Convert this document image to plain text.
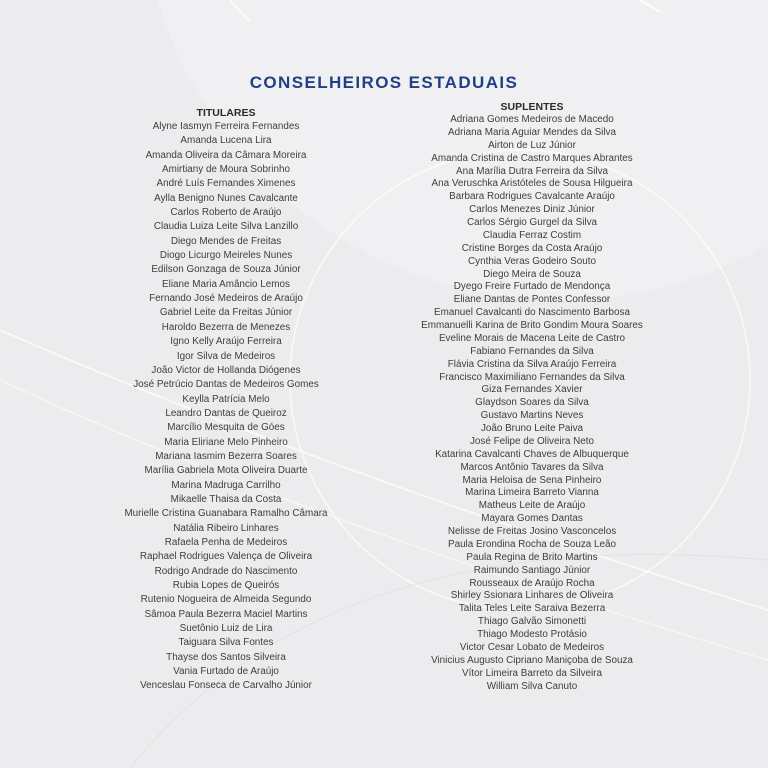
CONSELHEIROS ESTADUAIS
TITULARES
Alyne Iasmyn Ferreira Fernandes
Amanda Lucena Lira
Amanda Oliveira da Câmara Moreira
Amirtiany de Moura Sobrinho
André Luís Fernandes Ximenes
Aylla Benigno Nunes Cavalcante
Carlos Roberto de Araújo
Claudia Luiza Leite Silva Lanzillo
Diego Mendes de Freitas
Diogo Licurgo Meireles Nunes
Edilson Gonzaga de Souza Júnior
Eliane Maria Amâncio Lemos
Fernando José Medeiros de Araújo
Gabriel Leite da Freitas Júnior
Haroldo Bezerra de Menezes
Igno Kelly Araújo Ferreira
Igor Silva de Medeiros
João Victor de Hollanda Diógenes
José Petrúcio Dantas de Medeiros Gomes
Keylla Patrícia Melo
Leandro Dantas de Queiroz
Marcílio Mesquita de Góes
Maria Eliriane Melo Pinheiro
Mariana Iasmim Bezerra Soares
Marília Gabriela Mota Oliveira Duarte
Marina Madruga Carrilho
Mikaelle Thaisa da Costa
Murielle Cristina Guanabara Ramalho Câmara
Natália Ribeiro Linhares
Rafaela Penha de Medeiros
Raphael Rodrigues Valença de Oliveira
Rodrigo Andrade do Nascimento
Rubia Lopes de Queirós
Rutenio Nogueira de Almeida Segundo
Sâmoa Paula Bezerra Maciel Martins
Suetônio Luiz de Lira
Taiguara Silva Fontes
Thayse dos Santos Silveira
Vania Furtado de Araújo
Venceslau Fonseca de Carvalho Júnior
SUPLENTES
Adriana Gomes Medeiros de Macedo
Adriana Maria Aguiar Mendes da Silva
Airton de Luz Júnior
Amanda Cristina de Castro Marques Abrantes
Ana Marília Dutra Ferreira da Silva
Ana Veruschka Aristóteles de Sousa Hilgueira
Barbara Rodrigues Cavalcante Araújo
Carlos Menezes Diniz Júnior
Carlos Sérgio Gurgel da Silva
Claudia Ferraz Costim
Cristine Borges da Costa Araújo
Cynthia Veras Godeiro Souto
Diego Meira de Souza
Dyego Freire Furtado de Mendonça
Eliane Dantas de Pontes Confessor
Emanuel Cavalcanti do Nascimento Barbosa
Emmanuelli Karina de Brito Gondim Moura Soares
Eveline Morais de Macena Leite de Castro
Fabiano Fernandes da Silva
Flávia Cristina da Silva Araújo Ferreira
Francisco Maximiliano Fernandes da Silva
Giza Fernandes Xavier
Glaydson Soares da Silva
Gustavo Martins Neves
João Bruno Leite Paiva
José Felipe de Oliveira Neto
Katarina Cavalcanti Chaves de Albuquerque
Marcos Antônio Tavares da Silva
Maria Heloisa de Sena Pinheiro
Marina Limeira Barreto Vianna
Matheus Leite de Araújo
Mayara Gomes Dantas
Nelisse de Freitas Josino Vasconcelos
Paula Erondina Rocha de Souza Leão
Paula Regina de Brito Martins
Raimundo Santiago Júnior
Rousseaux de Araújo Rocha
Shirley Ssionara Linhares de Oliveira
Talita Teles Leite Saraiva Bezerra
Thiago Galvão Simonetti
Thiago Modesto Protásio
Victor Cesar Lobato de Medeiros
Vinicius Augusto Cipriano Maniçoba de Souza
Vítor Limeira Barreto da Silveira
William Silva Canuto
